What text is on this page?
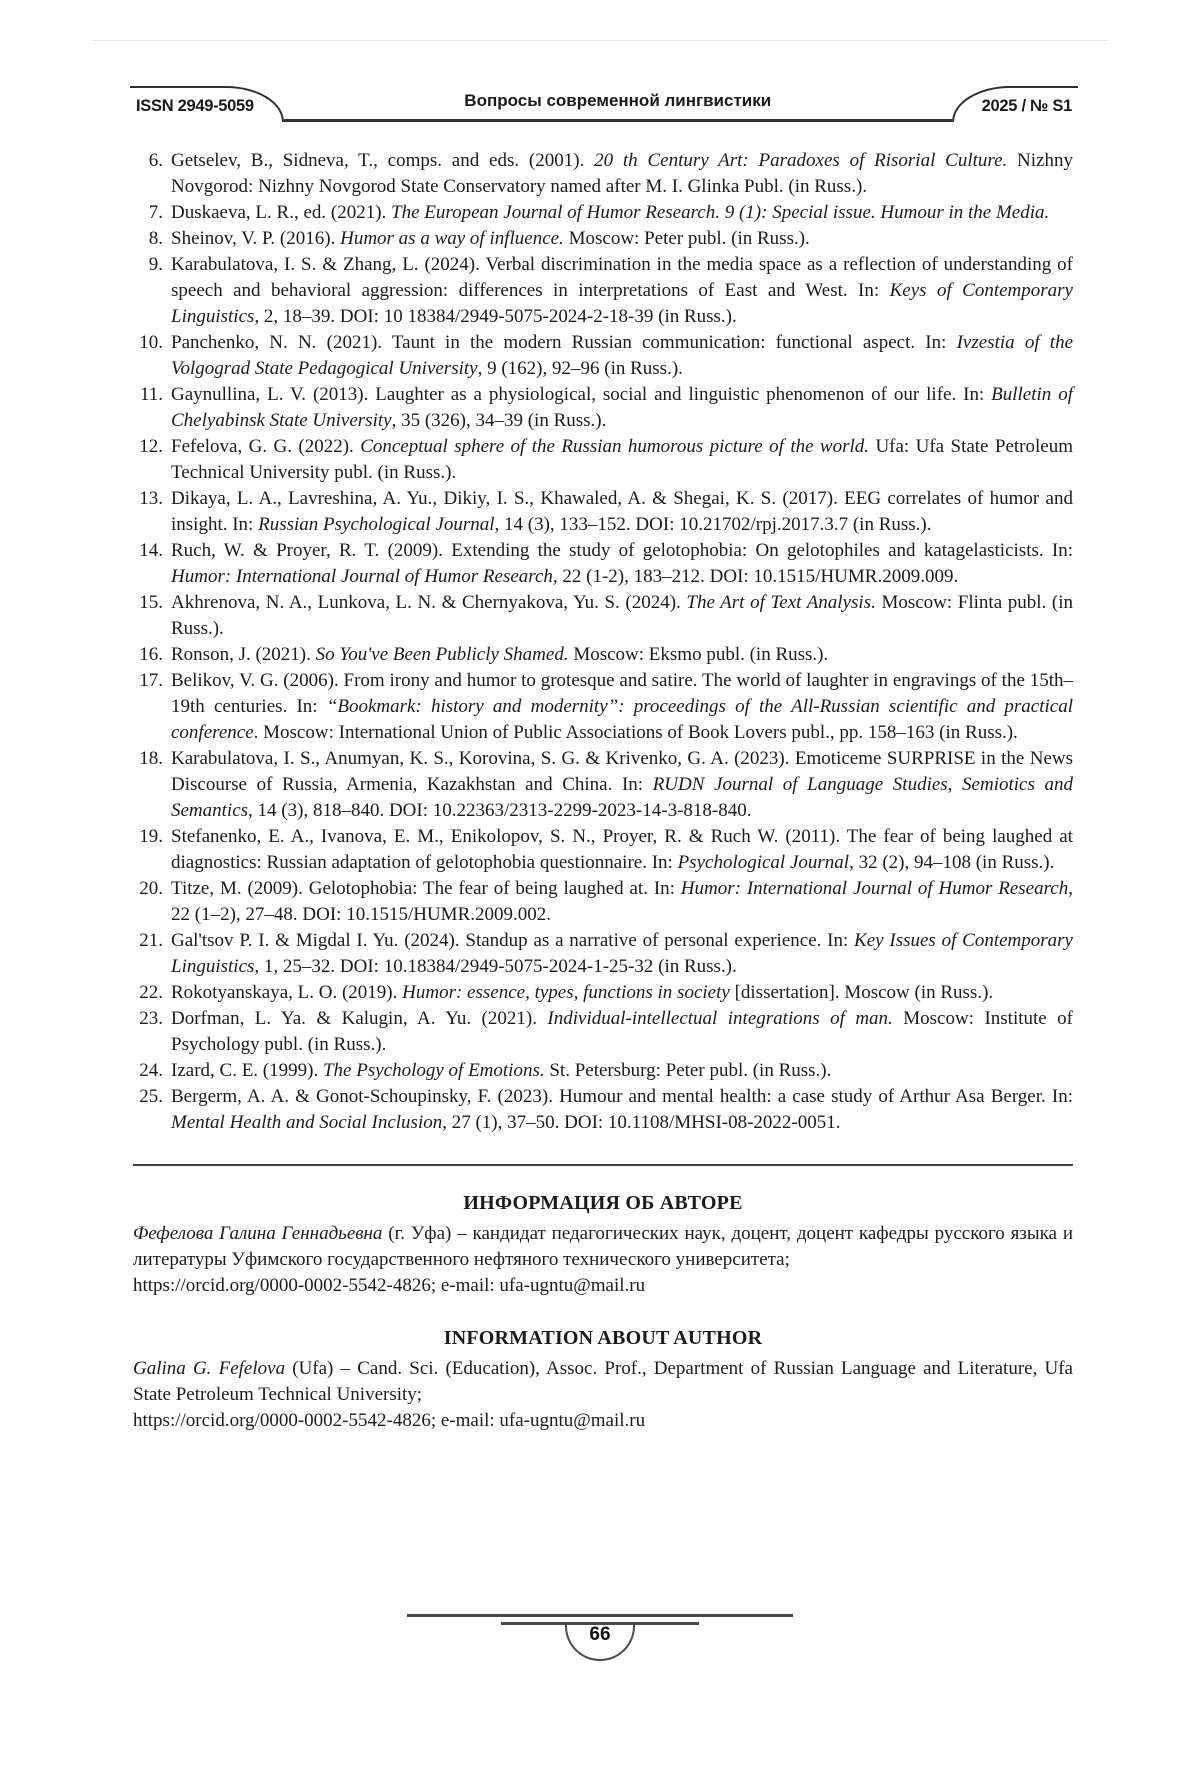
ISSN 2949-5059	Вопросы современной лингвистики	2025 / № S1
6. Getselev, B., Sidneva, T., comps. and eds. (2001). 20 th Century Art: Paradoxes of Risorial Culture. Nizhny Novgorod: Nizhny Novgorod State Conservatory named after M. I. Glinka Publ. (in Russ.).
7. Duskaeva, L. R., ed. (2021). The European Journal of Humor Research. 9 (1): Special issue. Humour in the Media.
8. Sheinov, V. P. (2016). Humor as a way of influence. Moscow: Peter publ. (in Russ.).
9. Karabulatova, I. S. & Zhang, L. (2024). Verbal discrimination in the media space as a reflection of understanding of speech and behavioral aggression: differences in interpretations of East and West. In: Keys of Contemporary Linguistics, 2, 18–39. DOI: 10 18384/2949-5075-2024-2-18-39 (in Russ.).
10. Panchenko, N. N. (2021). Taunt in the modern Russian communication: functional aspect. In: Ivzestia of the Volgograd State Pedagogical University, 9 (162), 92–96 (in Russ.).
11. Gaynullina, L. V. (2013). Laughter as a physiological, social and linguistic phenomenon of our life. In: Bulletin of Chelyabinsk State University, 35 (326), 34–39 (in Russ.).
12. Fefelova, G. G. (2022). Conceptual sphere of the Russian humorous picture of the world. Ufa: Ufa State Petroleum Technical University publ. (in Russ.).
13. Dikaya, L. A., Lavreshina, A. Yu., Dikiy, I. S., Khawaled, A. & Shegai, K. S. (2017). EEG correlates of humor and insight. In: Russian Psychological Journal, 14 (3), 133–152. DOI: 10.21702/rpj.2017.3.7 (in Russ.).
14. Ruch, W. & Proyer, R. T. (2009). Extending the study of gelotophobia: On gelotophiles and katagelasticists. In: Humor: International Journal of Humor Research, 22 (1-2), 183–212. DOI: 10.1515/HUMR.2009.009.
15. Akhrenova, N. A., Lunkova, L. N. & Chernyakova, Yu. S. (2024). The Art of Text Analysis. Moscow: Flinta publ. (in Russ.).
16. Ronson, J. (2021). So You've Been Publicly Shamed. Moscow: Eksmo publ. (in Russ.).
17. Belikov, V. G. (2006). From irony and humor to grotesque and satire. The world of laughter in engravings of the 15th–19th centuries. In: “Bookmark: history and modernity”: proceedings of the All-Russian scientific and practical conference. Moscow: International Union of Public Associations of Book Lovers publ., pp. 158–163 (in Russ.).
18. Karabulatova, I. S., Anumyan, K. S., Korovina, S. G. & Krivenko, G. A. (2023). Emoticeme SURPRISE in the News Discourse of Russia, Armenia, Kazakhstan and China. In: RUDN Journal of Language Studies, Semiotics and Semantics, 14 (3), 818–840. DOI: 10.22363/2313-2299-2023-14-3-818-840.
19. Stefanenko, E. A., Ivanova, E. M., Enikolopov, S. N., Proyer, R. & Ruch W. (2011). The fear of being laughed at diagnostics: Russian adaptation of gelotophobia questionnaire. In: Psychological Journal, 32 (2), 94–108 (in Russ.).
20. Titze, M. (2009). Gelotophobia: The fear of being laughed at. In: Humor: International Journal of Humor Research, 22 (1–2), 27–48. DOI: 10.1515/HUMR.2009.002.
21. Gal'tsov P. I. & Migdal I. Yu. (2024). Standup as a narrative of personal experience. In: Key Issues of Contemporary Linguistics, 1, 25–32. DOI: 10.18384/2949-5075-2024-1-25-32 (in Russ.).
22. Rokotyanskaya, L. O. (2019). Humor: essence, types, functions in society [dissertation]. Moscow (in Russ.).
23. Dorfman, L. Ya. & Kalugin, A. Yu. (2021). Individual-intellectual integrations of man. Moscow: Institute of Psychology publ. (in Russ.).
24. Izard, C. E. (1999). The Psychology of Emotions. St. Petersburg: Peter publ. (in Russ.).
25. Bergerm, A. A. & Gonot-Schoupinsky, F. (2023). Humour and mental health: a case study of Arthur Asa Berger. In: Mental Health and Social Inclusion, 27 (1), 37–50. DOI: 10.1108/MHSI-08-2022-0051.
ИНФОРМАЦИЯ ОБ АВТОРЕ

Фефелова Галина Геннадьевна (г. Уфа) – кандидат педагогических наук, доцент, доцент кафедры русского языка и литературы Уфимского государственного нефтяного технического университета;

https://orcid.org/0000-0002-5542-4826; e-mail: ufa-ugntu@mail.ru

INFORMATION ABOUT AUTHOR

Galina G. Fefelova (Ufa) – Cand. Sci. (Education), Assoc. Prof., Department of Russian Language and Literature, Ufa State Petroleum Technical University;

https://orcid.org/0000-0002-5542-4826; e-mail: ufa-ugntu@mail.ru

66
